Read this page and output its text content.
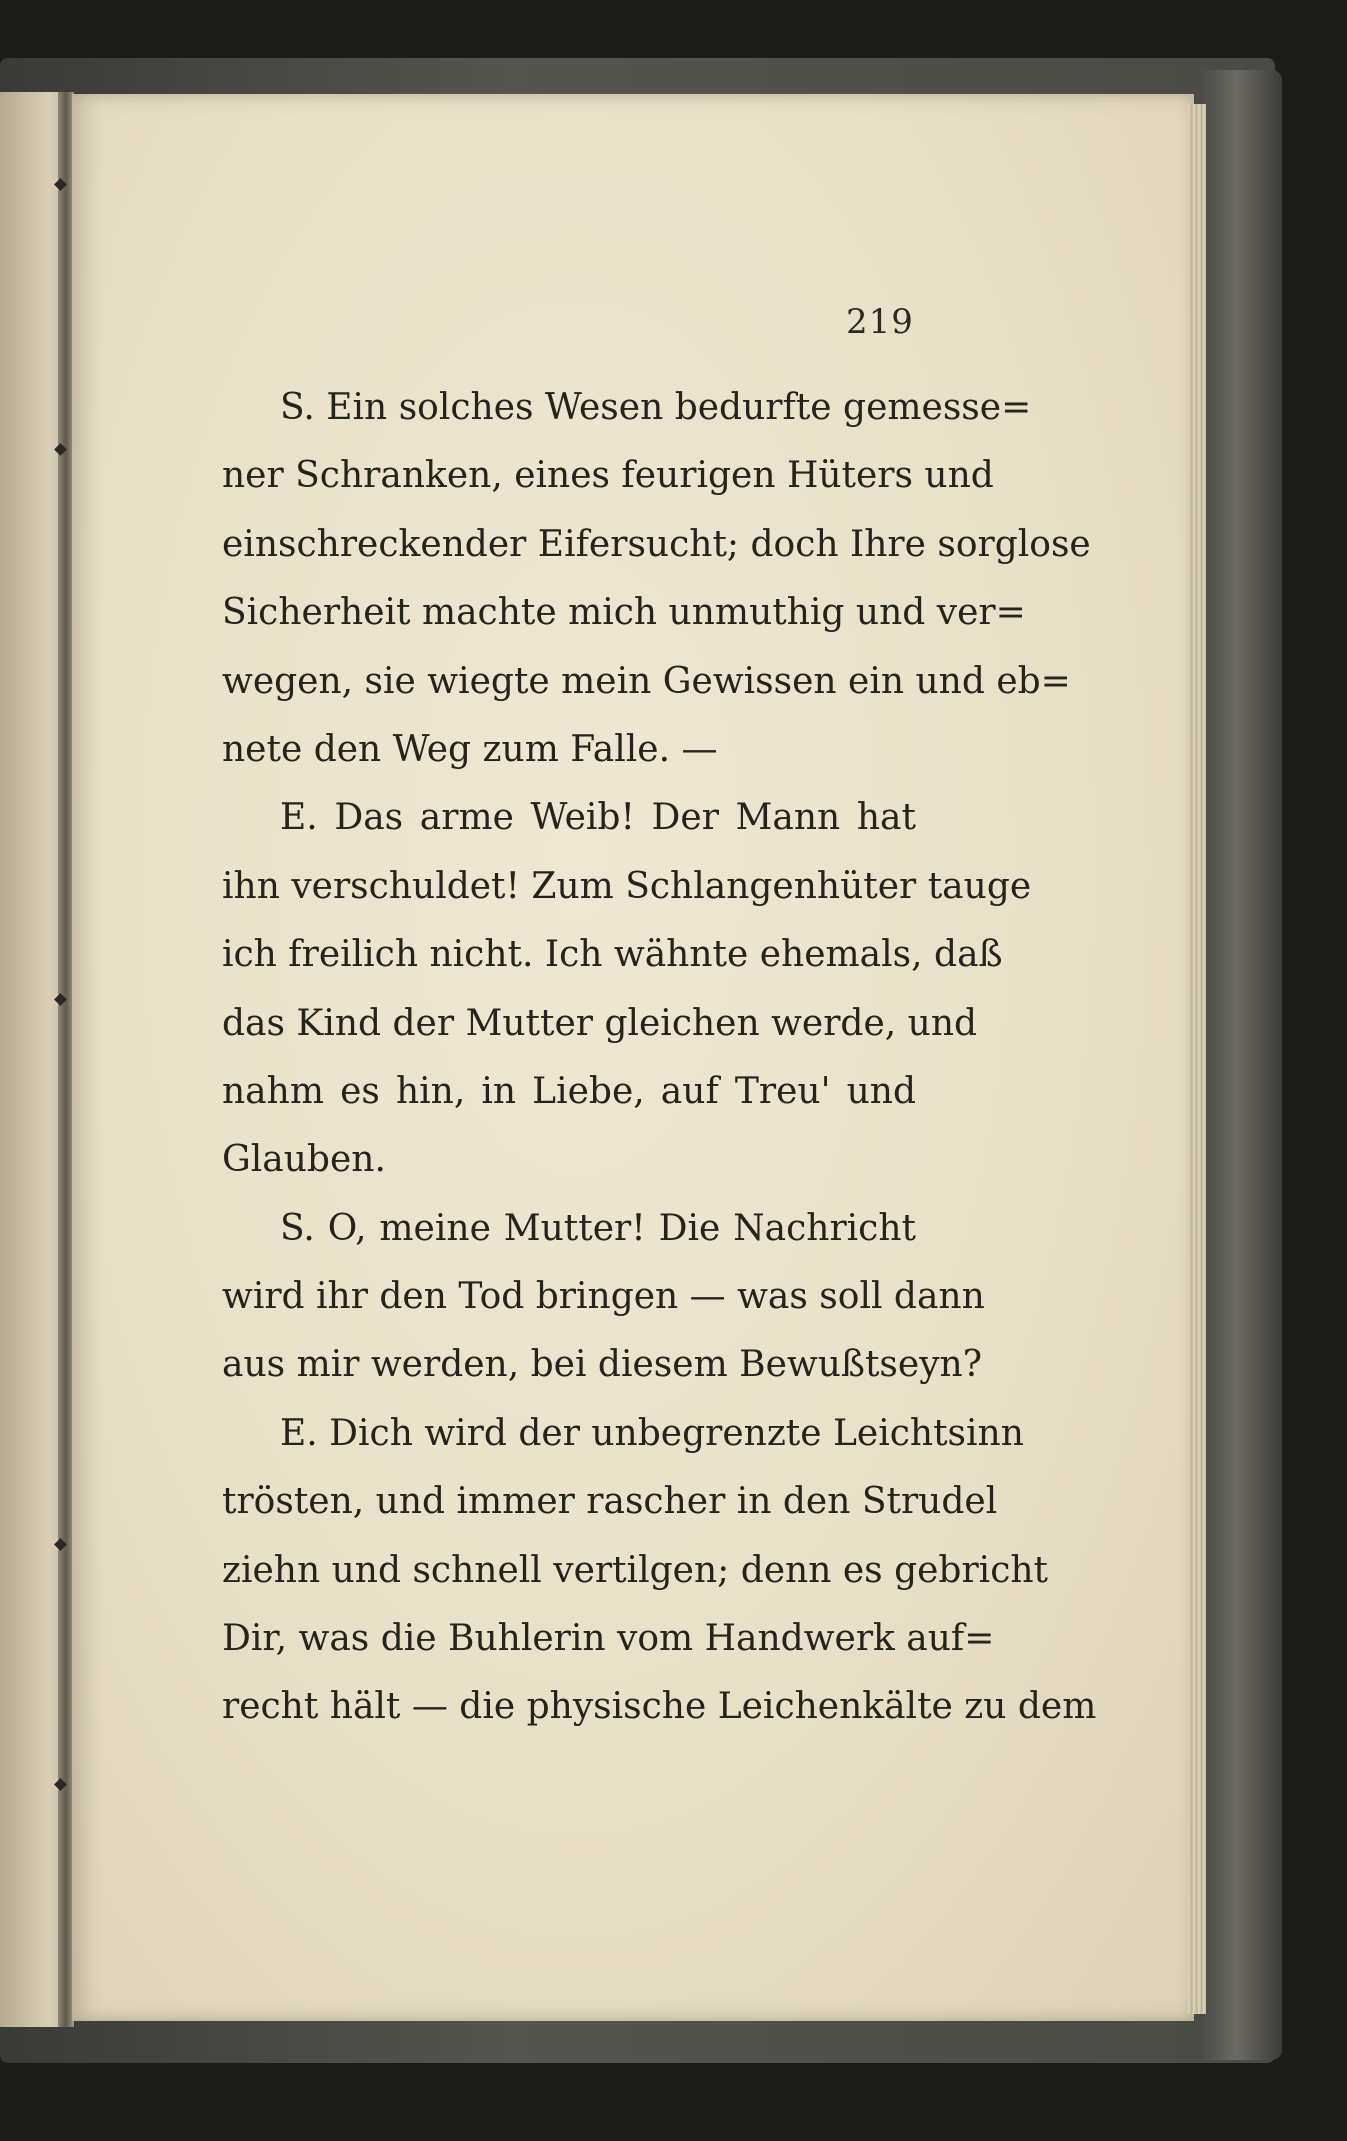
219
S. Ein solches Wesen bedurfte gemesse=
ner Schranken, eines feurigen Hüters und
einschreckender Eifersucht; doch Ihre sorglose
Sicherheit machte mich unmuthig und ver=
wegen, sie wiegte mein Gewissen ein und eb=
nete den Weg zum Falle. —
E. Das arme Weib! Der Mann hat
ihn verschuldet! Zum Schlangenhüter tauge
ich freilich nicht. Ich wähnte ehemals, daß
das Kind der Mutter gleichen werde, und
nahm es hin, in Liebe, auf Treu' und
Glauben.
S. O, meine Mutter! Die Nachricht
wird ihr den Tod bringen — was soll dann
aus mir werden, bei diesem Bewußtseyn?
E. Dich wird der unbegrenzte Leichtsinn
trösten, und immer rascher in den Strudel
ziehn und schnell vertilgen; denn es gebricht
Dir, was die Buhlerin vom Handwerk auf=
recht hält — die physische Leichenkälte zu dem
